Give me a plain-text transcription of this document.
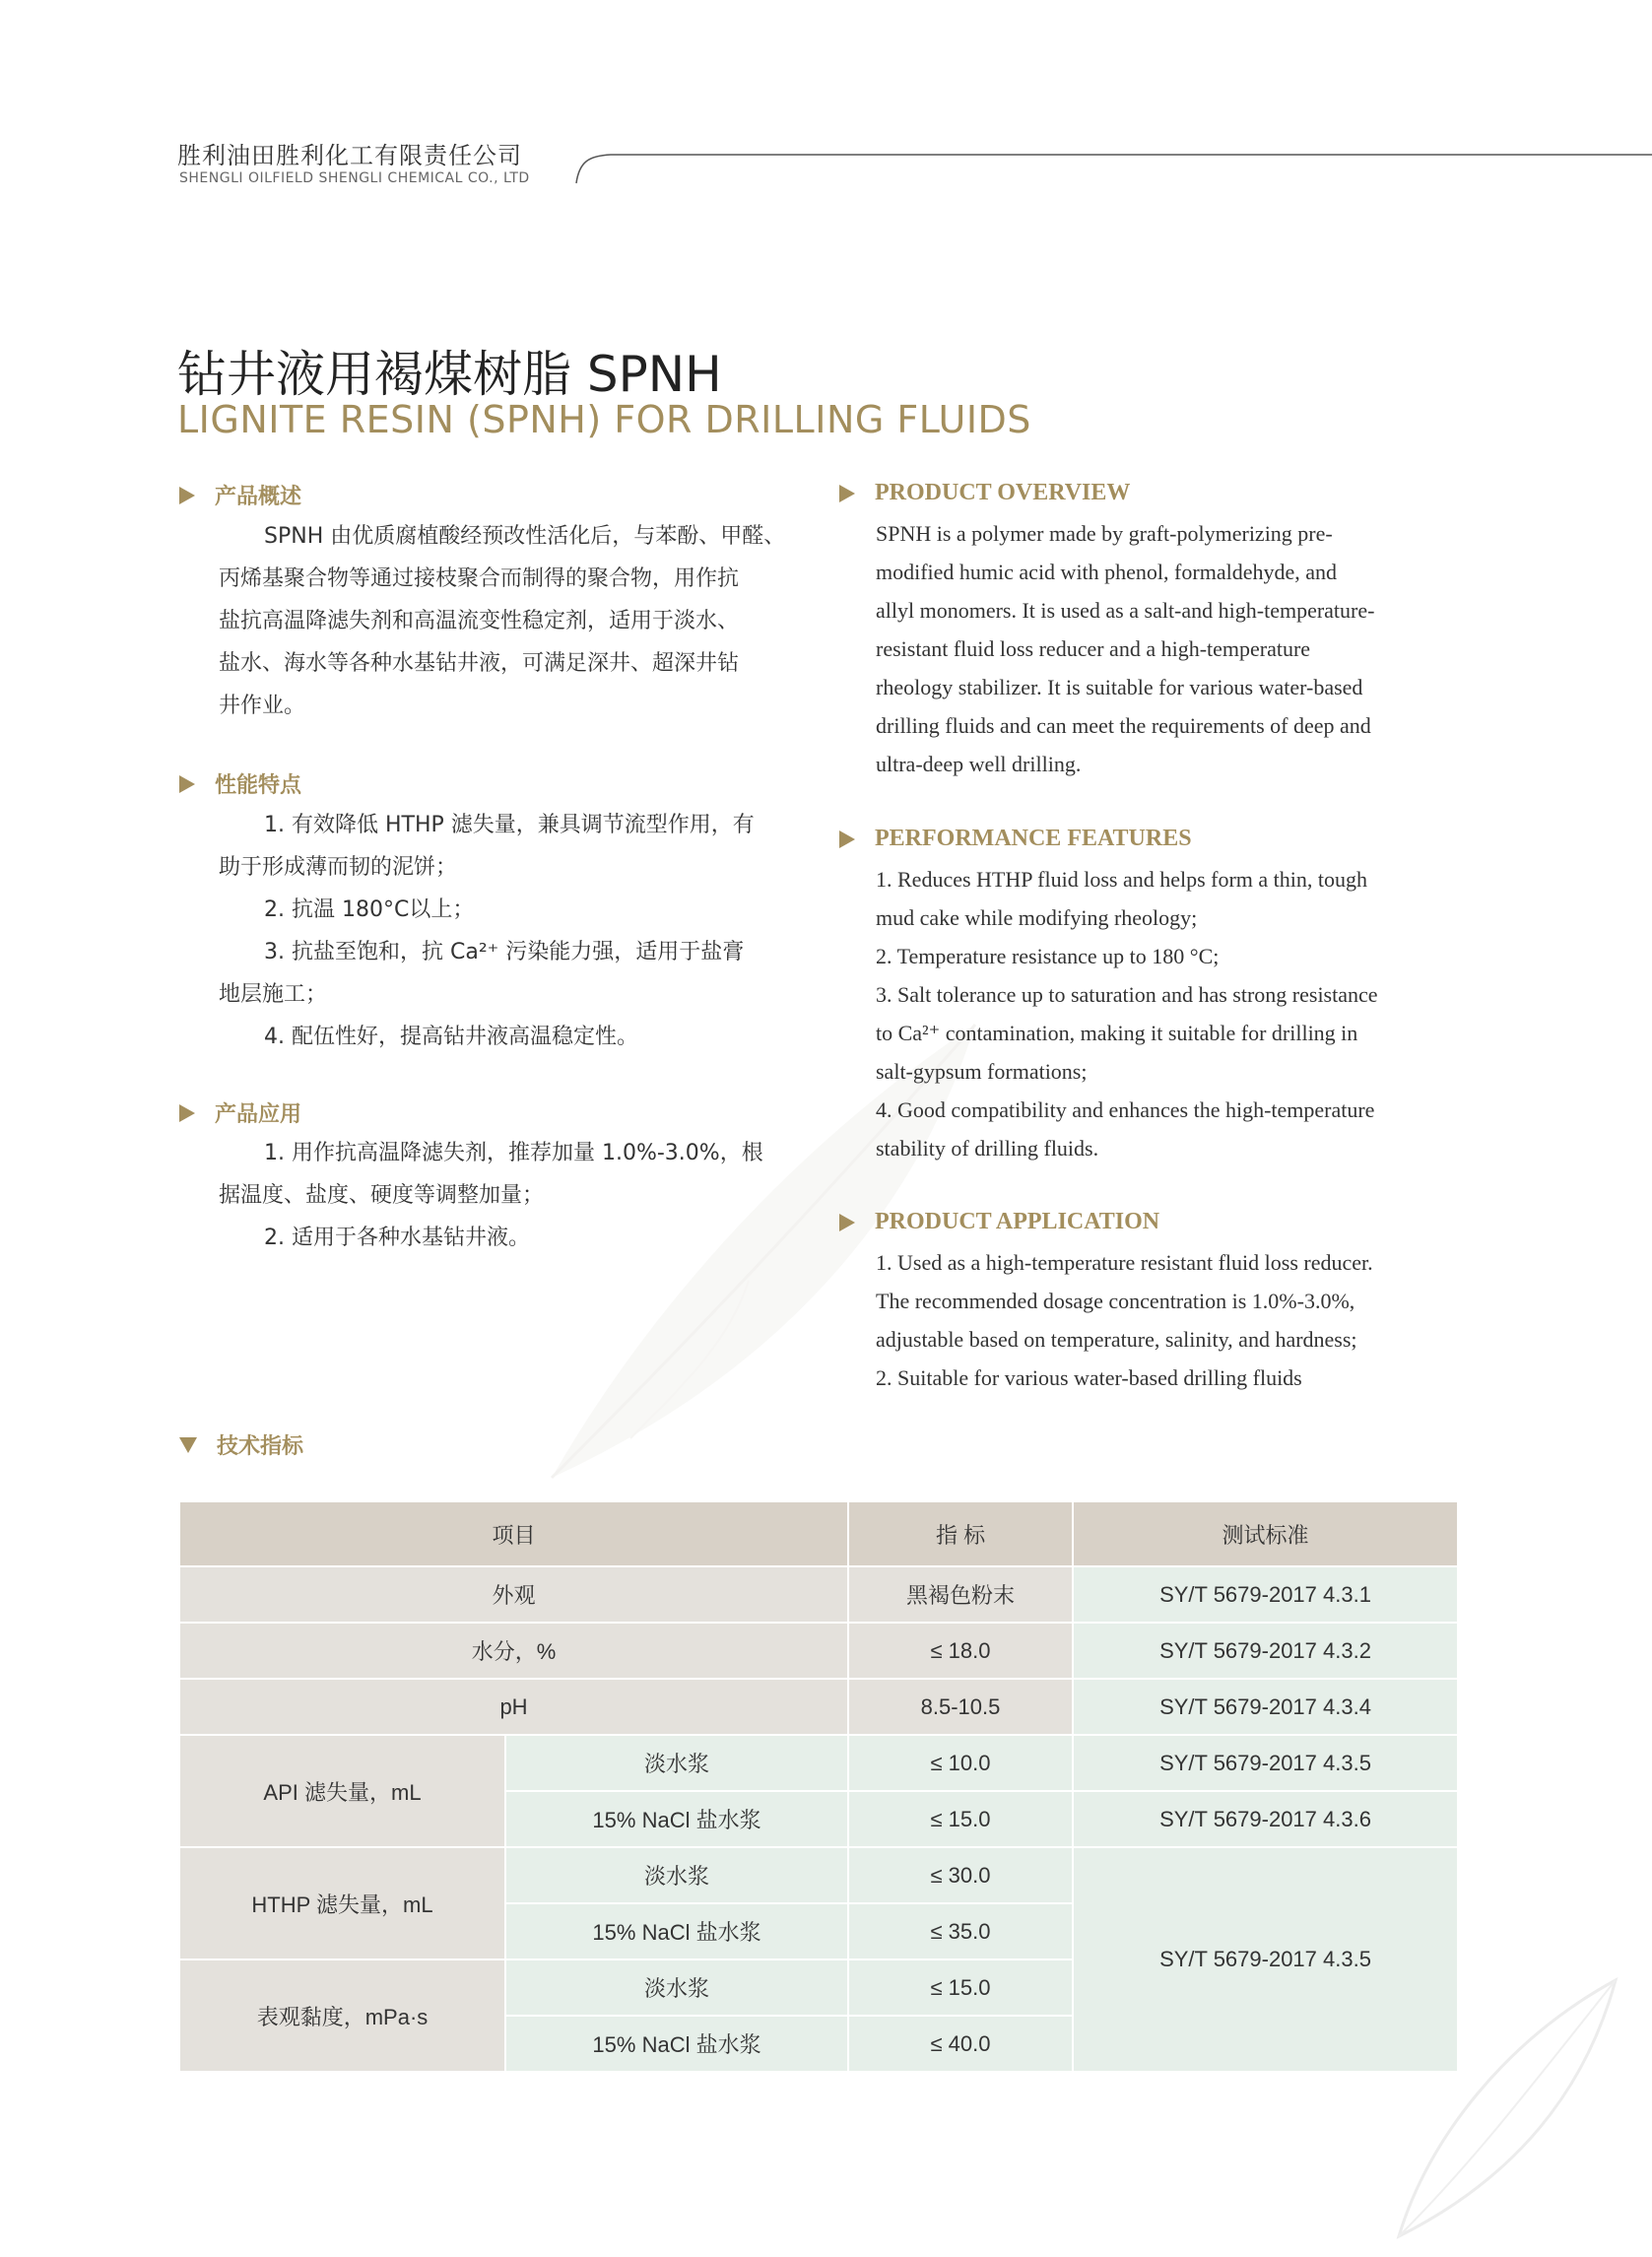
胜利油田胜利化工有限责任公司
SHENGLI OILFIELD SHENGLI CHEMICAL CO., LTD
钻井液用褐煤树脂 SPNH
LIGNITE RESIN (SPNH) FOR DRILLING FLUIDS
产品概述
SPNH 由优质腐植酸经预改性活化后，与苯酚、甲醛、
丙烯基聚合物等通过接枝聚合而制得的聚合物，用作抗
盐抗高温降滤失剂和高温流变性稳定剂，适用于淡水、
盐水、海水等各种水基钻井液，可满足深井、超深井钻
井作业。
性能特点
1. 有效降低 HTHP 滤失量，兼具调节流型作用，有
助于形成薄而韧的泥饼；
2. 抗温 180°C以上；
3. 抗盐至饱和，抗 Ca²⁺ 污染能力强，适用于盐膏
地层施工；
4. 配伍性好，提高钻井液高温稳定性。
产品应用
1. 用作抗高温降滤失剂，推荐加量 1.0%-3.0%，根
据温度、盐度、硬度等调整加量；
2. 适用于各种水基钻井液。
PRODUCT OVERVIEW
SPNH is a polymer made by graft-polymerizing pre-
modified humic acid with phenol, formaldehyde, and
allyl monomers. It is used as a salt-and high-temperature-
resistant fluid loss reducer and a high-temperature
rheology stabilizer. It is suitable for various water-based
drilling fluids and can meet the requirements of deep and
ultra-deep well drilling.
PERFORMANCE FEATURES
1. Reduces HTHP fluid loss and helps form a thin, tough
mud cake while modifying rheology;
2. Temperature resistance up to 180 °C;
3. Salt tolerance up to saturation and has strong resistance
to Ca²⁺ contamination, making it suitable for drilling in
salt-gypsum formations;
4. Good compatibility and enhances the high-temperature
stability of drilling fluids.
PRODUCT APPLICATION
1. Used as a high-temperature resistant fluid loss reducer.
The recommended dosage concentration is 1.0%-3.0%,
adjustable based on temperature, salinity, and hardness;
2. Suitable for various water-based drilling fluids
技术指标
项目		指 标	测试标准
外观		黑褐色粉末	SY/T 5679-2017 4.3.1
水分，%		≤ 18.0	SY/T 5679-2017 4.3.2
pH		8.5-10.5	SY/T 5679-2017 4.3.4
API 滤失量，mL	淡水浆	≤ 10.0	SY/T 5679-2017 4.3.5
	15% NaCl 盐水浆	≤ 15.0	SY/T 5679-2017 4.3.6
HTHP 滤失量，mL	淡水浆	≤ 30.0	SY/T 5679-2017 4.3.5
	15% NaCl 盐水浆	≤ 35.0	
表观黏度，mPa·s	淡水浆	≤ 15.0	
	15% NaCl 盐水浆	≤ 40.0	
